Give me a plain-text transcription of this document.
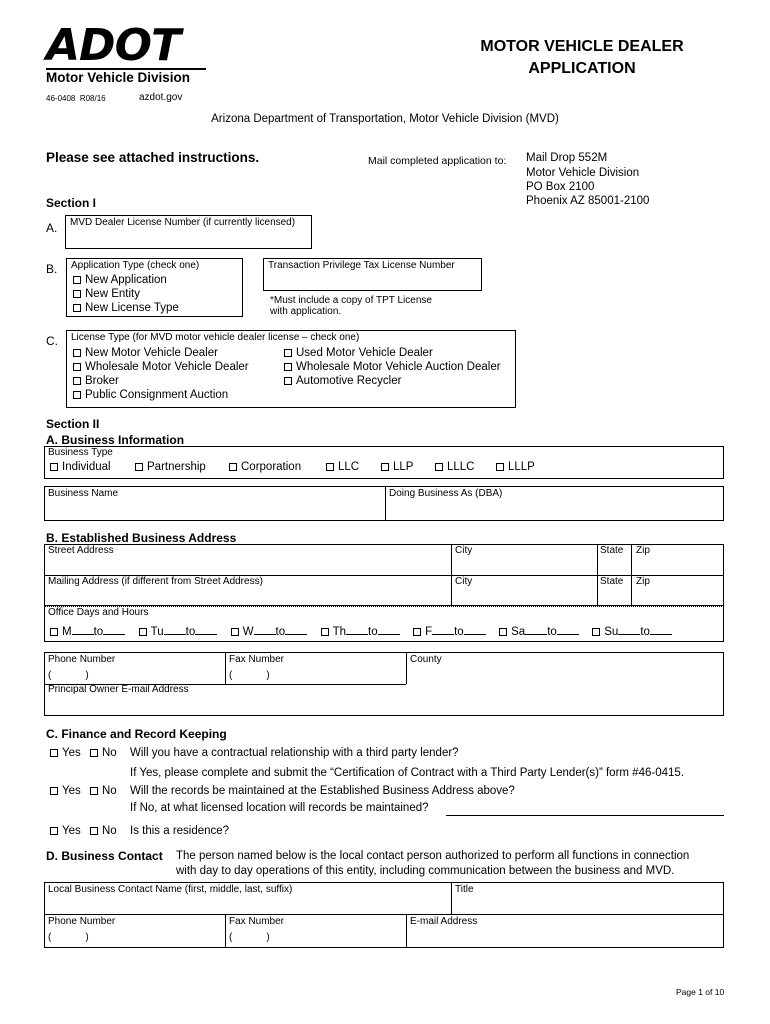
ADOT
Motor Vehicle Division
46-0408 R08/16	azdot.gov
MOTOR VEHICLE DEALER
APPLICATION
Arizona Department of Transportation, Motor Vehicle Division (MVD)
Please see attached instructions.	Mail completed application to: Mail Drop 552M
Motor Vehicle Division
PO Box 2100
Phoenix AZ 85001-2100
Section I
A. MVD Dealer License Number (if currently licensed)
B. Application Type (check one)
New Application
New Entity
New License Type
Transaction Privilege Tax License Number
*Must include a copy of TPT License
with application.
C. License Type (for MVD motor vehicle dealer license – check one)
New Motor Vehicle Dealer
Wholesale Motor Vehicle Dealer
Broker
Public Consignment Auction
Used Motor Vehicle Dealer
Wholesale Motor Vehicle Auction Dealer
Automotive Recycler
Section II
A. Business Information
Business Type
Individual	Partnership	Corporation	LLC	LLP	LLLC	LLLP
Business Name	Doing Business As (DBA)
B. Established Business Address
Street Address	City	State Zip
Mailing Address (if different from Street Address)	City	State Zip
Office Days and Hours
M to	Tu to	W to	Th to	F to	Sa to	Su to
Phone Number	Fax Number	County
(	)	(	)
Principal Owner E-mail Address
C. Finance and Record Keeping
Yes	No Will you have a contractual relationship with a third party lender?
If Yes, please complete and submit the “Certification of Contract with a Third Party Lender(s)” form #46-0415.
Yes	No Will the records be maintained at the Established Business Address above?
If No, at what licensed location will records be maintained?
Yes	No Is this a residence?
D. Business Contact The person named below is the local contact person authorized to perform all functions in connection
with day to day operations of this entity, including communication between the business and MVD.
Local Business Contact Name (first, middle, last, suffix)	Title
Phone Number	Fax Number	E-mail Address
(	)	(	)
Page 1 of 10
